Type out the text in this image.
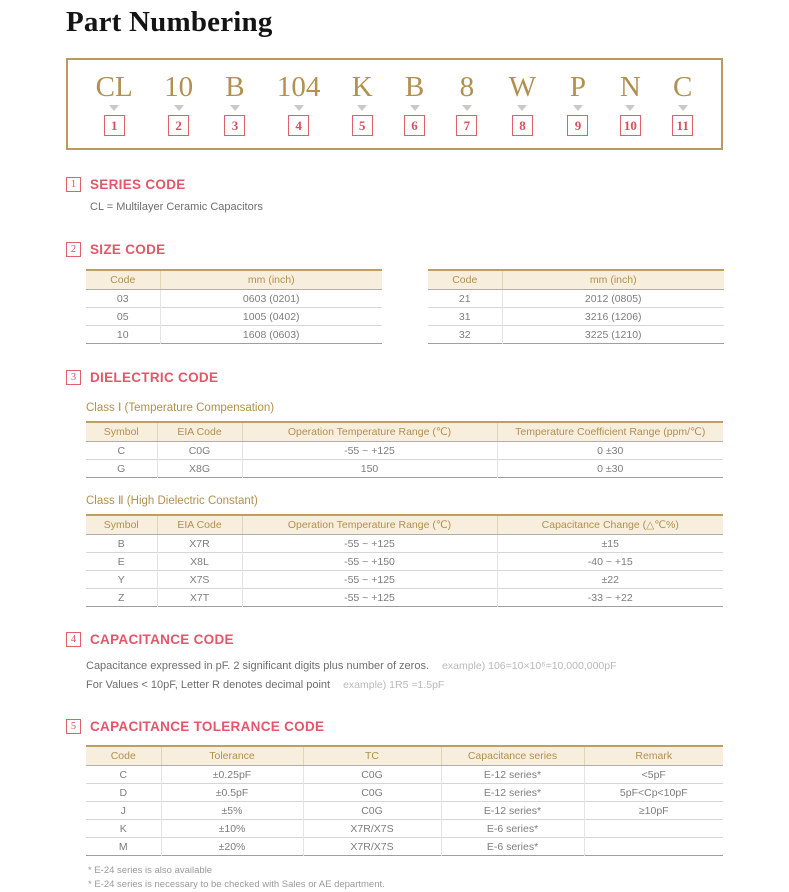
Part Numbering
CL
1
10
2
B
3
104
4
K
5
B
6
8
7
W
8
P
9
N
10
C
11
1	SERIES CODE

CL = Multilayer Ceramic Capacitors

2	SIZE CODE
Code	mm (inch)
03	0603 (0201)
05	1005 (0402)
10	1608 (0603)
Code	mm (inch)
21	2012 (0805)
31	3216 (1206)
32	3225 (1210)
3	DIELECTRIC CODE
Class Ⅰ (Temperature Compensation)
Symbol	EIA Code	Operation Temperature Range (℃)	Temperature Coefficient Range (ppm/℃)
C	C0G	-55 ~ +125	0 ±30
G	X8G	150	0 ±30
Class Ⅱ (High Dielectric Constant)
Symbol	EIA Code	Operation Temperature Range (℃)	Capacitance Change (△℃%)
B	X7R	-55 ~ +125	±15
E	X8L	-55 ~ +150	-40 ~ +15
Y	X7S	-55 ~ +125	±22
Z	X7T	-55 ~ +125	-33 ~ +22
4	CAPACITANCE CODE
Capacitance expressed in pF. 2 significant digits plus number of zeros. example) 106=10×10⁶=10,000,000pF
For Values < 10pF, Letter R denotes decimal point example) 1R5 =1.5pF
5	CAPACITANCE TOLERANCE CODE
Code	Tolerance	TC	Capacitance series	Remark
C	±0.25pF	C0G	E-12 series*	<5pF
D	±0.5pF	C0G	E-12 series*	5pF<Cp<10pF
J	±5%	C0G	E-12 series*	≥10pF
K	±10%	X7R/X7S	E-6 series*	
M	±20%	X7R/X7S	E-6 series*	
* E-24 series is also available
* E-24 series is necessary to be checked with Sales or AE department.
